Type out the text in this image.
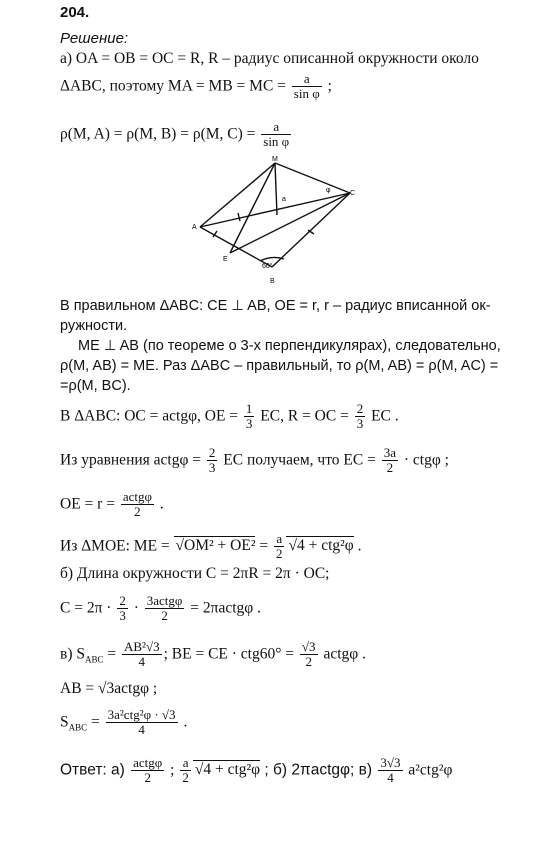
204.
Решение:
а) OA = OB = OC = R, R – радиус описанной окружности около
ΔABC, поэтому MA = MB = MC = $\frac{a}{\text{sin φ}}$ ;
ρ(M, A) = ρ(M, B) = ρ(M, $C) = \frac{a}{\text{sin φ}}$
M
A
C
E
B
a
φ
60°
В правильном ΔABC: CE ⊥ AB, OE = r, r – радиус вписанной ок-
ружности.
ME ⊥ AB (по теореме о 3-х перпендикулярах), следовательно,
ρ(M, AB) = ME. Раз ΔABC – правильный, то ρ(M, AB) = ρ(M, AC) =
=ρ(M, BC).
В ΔABC: OC = actgφ, OE = $\frac{1}{3}$ EC, R = OC = $\frac{2}{3}$ EC .
Из уравнения actgφ = $\frac{2}{3}$ EC получаем, что EC = $\frac{3a}{2} \cdot ctg\varphi$ ;
OE = $r = \frac{\text{actgφ}}{2}$ .
Из ΔMOE: ME = $√OM^2 + OE^2 = \frac{a}{2} √4 + ctg^2\varphi$ .
б) Длина окружности C = 2πR = 2π · OC;
$C = 2\pi \cdot \frac{2}{3} \cdot \frac{\text{3actgφ}}{2}$ = 2πactgφ .
в) $S_{ABC} = \frac{\text{AB²√3}}{4}$ ; BE = CE · $ctg60^\circ = \frac{√3}{2}$ actgφ .
AB = √3actgφ ;
$S_{ABC} = \frac{\text{3a²ctg²φ · √3}}{4}$ .
Ответ: $а) \frac{\text{actgφ}}{2}$ ; $\frac{a}{2} √4 + ctg^2\varphi$ ; б) 2πactgφ; $в) \frac{3√3}{4} a^2ctg^2\varphi$
